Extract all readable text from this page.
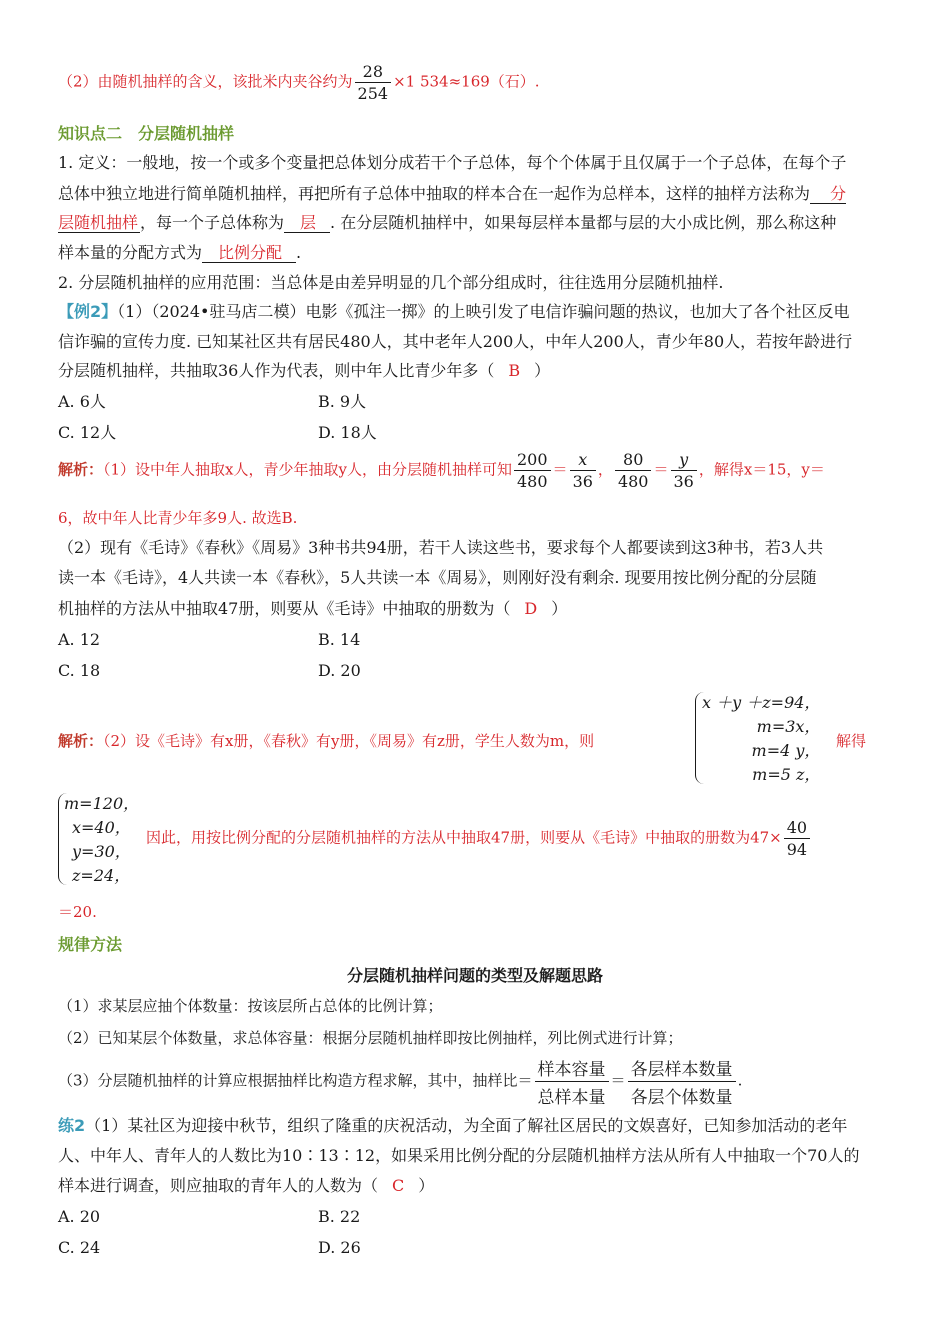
（2）由随机抽样的含义，该批米内夹谷约为 $\frac{28}{254} \times 1$ 534≈169（石）.
知识点二　分层随机抽样
1. 定义：一般地，按一个或多个变量把总体划分成若干个子总体，每个个体属于且仅属于一个子总体，在每个子
总体中独立地进行简单随机抽样，再把所有子总体中抽取的样本合在一起作为总样本，这样的抽样方法称为 分
层随机抽样 ，每一个子总体称为 层 . 在分层随机抽样中，如果每层样本量都与层的大小成比例，那么称这种
样本量的分配方式为 比例分配 .
2. 分层随机抽样的应用范围：当总体是由差异明显的几个部分组成时，往往选用分层随机抽样.
【例2】（1）（2024•驻马店二模）电影《孤注一掷》的上映引发了电信诈骗问题的热议，也加大了各个社区反电
信诈骗的宣传力度. 已知某社区共有居民480人，其中老年人200人，中年人200人，青少年80人，若按年龄进行
分层随机抽样，共抽取36人作为代表，则中年人比青少年多（ B ）
A. 6人	B. 9人
C. 12人	D. 18人
解析：（1）设中年人抽取x人，青少年抽取y人，由分层随机抽样可知 $\frac{200}{480} = \frac{x}{36}$ ， $\frac{80}{480} = \frac{y}{36}$ ，解得x＝15，y＝
6，故中年人比青少年多9人. 故选B.
（2）现有《毛诗》《春秋》《周易》3种书共94册，若干人读这些书，要求每个人都要读到这3种书，若3人共
读一本《毛诗》，4人共读一本《春秋》，5人共读一本《周易》，则刚好没有剩余. 现要用按比例分配的分层随
机抽样的方法从中抽取47册，则要从《毛诗》中抽取的册数为（ D ）
A. 12	B. 14
C. 18	D. 20
解析：（2）设《毛诗》有x册，《春秋》有y册，《周易》有z册，学生人数为m，则
x ＋y ＋z=94，
m=3x，
m=4 y，
m=5 z，
解得
m=120，
x=40，
y=30，
z=24，
因此，用按比例分配的分层随机抽样的方法从中抽取47册，则要从《毛诗》中抽取的册数为$47\times \frac{40}{94}$
＝20.
规律方法
分层随机抽样问题的类型及解题思路
（1）求某层应抽个体数量：按该层所占总体的比例计算；
（2）已知某层个体数量，求总体容量：根据分层随机抽样即按比例抽样，列比例式进行计算；
（3）分层随机抽样的计算应根据抽样比构造方程求解，其中，抽样比＝ $\frac{\text{样本容量}}{\text{总样本量}} = \frac{\text{各层样本数量}}{\text{各层个体数量}}$ .
练2（1）某社区为迎接中秋节，组织了隆重的庆祝活动，为全面了解社区居民的文娱喜好，已知参加活动的老年
人、中年人、青年人的人数比为10∶13∶12，如果采用比例分配的分层随机抽样方法从所有人中抽取一个70人的
样本进行调查，则应抽取的青年人的人数为（ C ）
A. 20	B. 22
C. 24	D. 26
